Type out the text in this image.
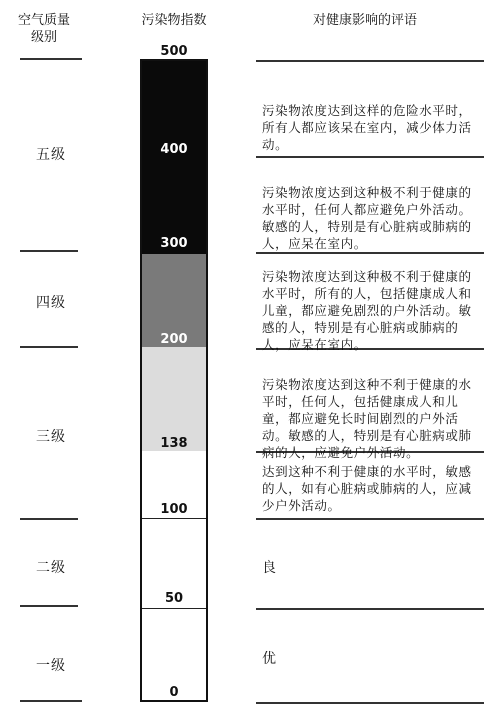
空气质量
级别
污染物指数	对健康影响的评语
五级
四级
三级
二级
一级
500
400
300
200
138
100
50
0
污染物浓度达到这样的危险水平时，所有人都应该呆在室内，减少体力活动。
污染物浓度达到这种极不利于健康的水平时，任何人都应避免户外活动。敏感的人，特别是有心脏病或肺病的人，应呆在室内。
污染物浓度达到这种极不利于健康的水平时，所有的人，包括健康成人和儿童，都应避免剧烈的户外活动。敏感的人，特别是有心脏病或肺病的人，应呆在室内。
污染物浓度达到这种不利于健康的水平时，任何人，包括健康成人和儿童，都应避免长时间剧烈的户外活动。敏感的人，特别是有心脏病或肺病的人，应避免户外活动。
达到这种不利于健康的水平时，敏感的人，如有心脏病或肺病的人，应减少户外活动。
良
优
